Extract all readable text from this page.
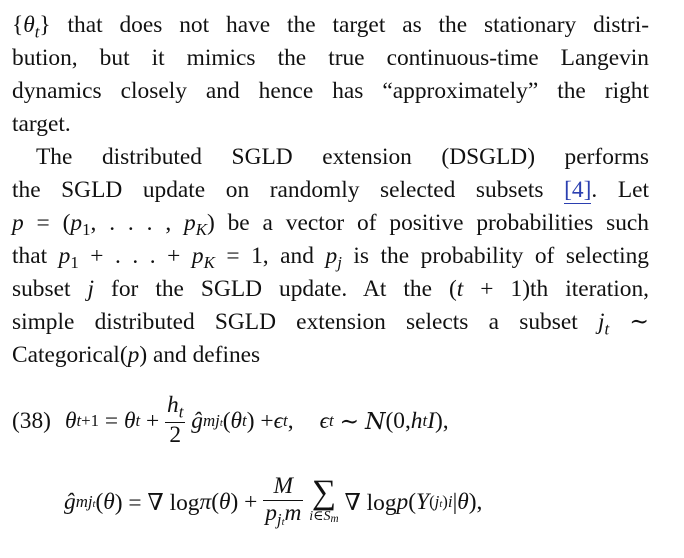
$\{\theta_t\}$ that does not have the target as the stationary distri-
bution, but it mimics the true continuous-time Langevin
dynamics closely and hence has “approximately” the right
target.
The distributed SGLD extension (DSGLD) performs
the SGLD update on randomly selected subsets [4]. Let
$p = (p_1$, . . . , $p_K$) be a vector of positive probabilities such
that $p_1$ + . . . + $p_K = 1$, and $p_j$ is the probability of selecting
subset j for the SGLD update. At the (t + 1)th iteration,
simple distributed SGLD extension selects a subset $j_t$ ∼
Categorical(p) and defines
(38) θ t +1 = θ $t + \frac{h_t}{2}$
ĝ mjt ( θ t ) + ϵ t , ϵ t ∼ N (0, h t I ),
ĝ mjt ( θ ) = ∇ log π ( θ ) + $\frac{M}{p_{jt}m}$
∑
i∈Sm
∇ log p ( Y (jt)i | θ ),
